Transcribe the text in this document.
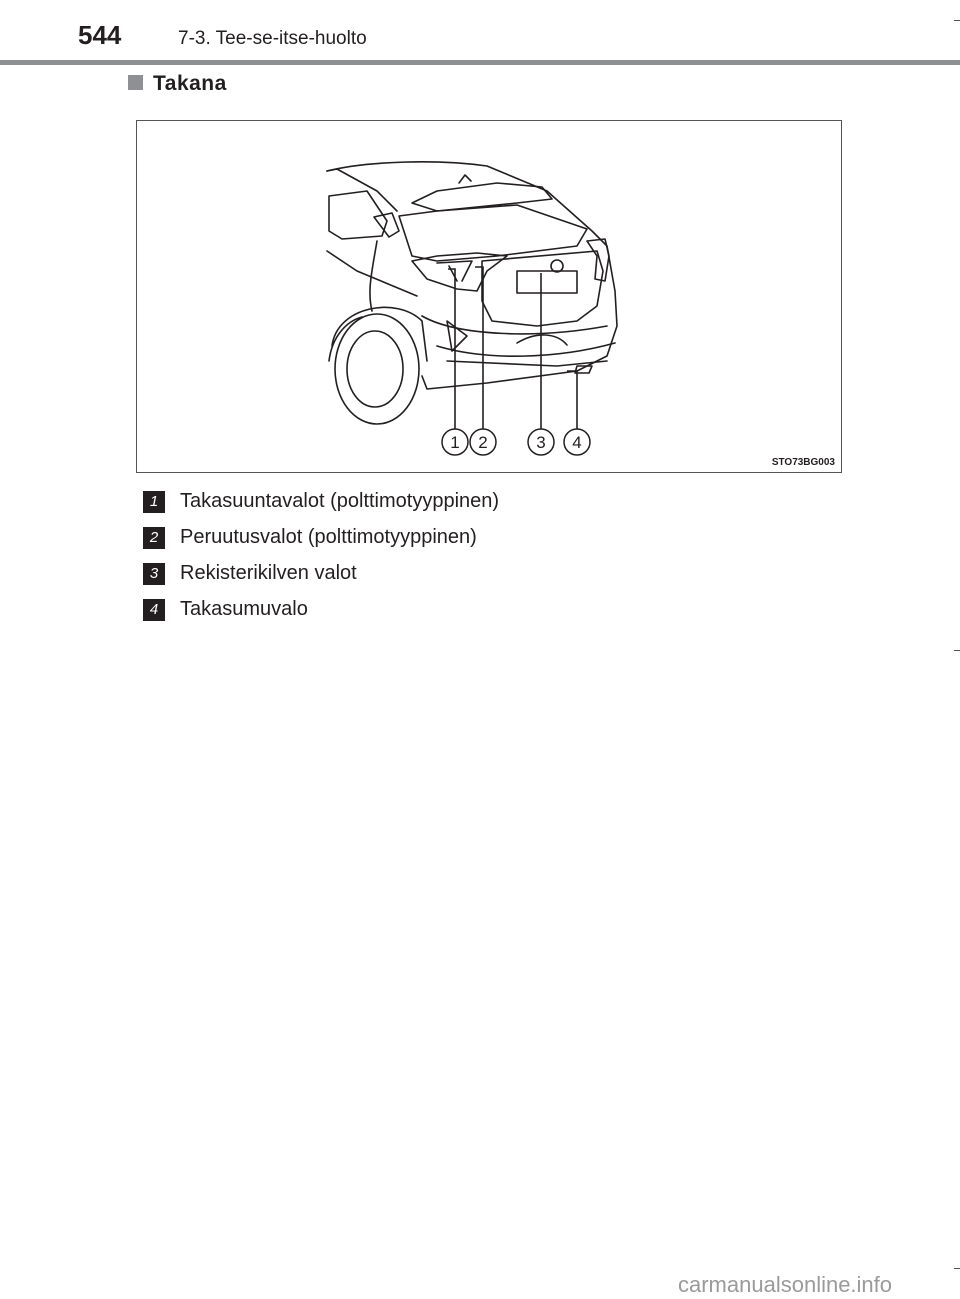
544	7-3. Tee-se-itse-huolto
Takana
1 2	3 4
STO73BG003
1	Takasuuntavalot (polttimotyyppinen)
2	Peruutusvalot (polttimotyyppinen)
3	Rekisterikilven valot
4	Takasumuvalo
carmanualsonline.info
